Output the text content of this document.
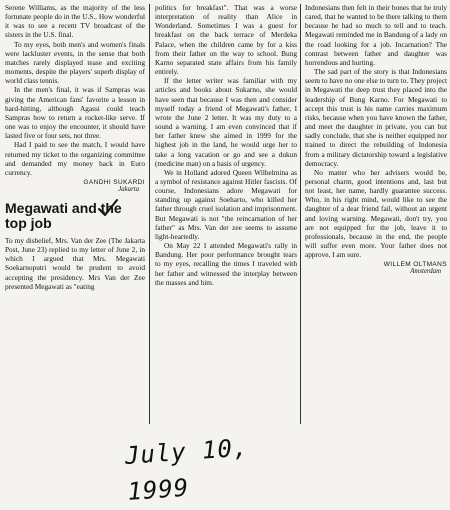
Serene Williams, as the majority of the less fortunate people do in the U.S.. How wonderful it was to see a recent TV broadcast of the sisters in the U.S. final.

To my eyes, both men's and women's finals were lackluster events, in the sense that both matches rarely displayed tease and exciting moments, despite the players' superb display of world class tennis.

In the men's final, it was if Sampras was giving the American fans' favorite a lesson in hard-hitting, although Agassi could teach Sampras how to return a rocket-like serve. If one was to enjoy the encounter, it should have lasted five or four sets, not three.

Had I paid to see the match, I would have returned my ticket to the organizing committee and demanded my money back in Euro currency.

GANDHI SUKARDI
Jakarta
Megawati and the top job

To my disbelief, Mrs. Van der Zee (The Jakarta Post, June 23) replied to my letter of June 2, in which I argued that Mrs. Megawati Soekarnoputri would be prudent to avoid accepting the presidency. Mrs Van der Zee presented Megawati as "eating

politics for breakfast". That was a worse interpretation of reality than Alice in Wonderland. Sometimes I was a guest for breakfast on the back terrace of Merdeka Palace, when the children came by for a kiss from their father on the way to school. Bung Karno separated state affairs from his family entirely.

If the letter writer was familiar with my articles and books about Sukarno, she would have seen that because I was then and consider myself today a friend of Megawati's father, I wrote the June 2 letter. It was my duty to a sound a warning. I am even convinced that if her father knew she aimed in 1999 for the highest job in the land, he would urge her to take a long vacation or go and see a dukun (medicine man) on a basis of urgency.

We in Holland adored Queen Wilhelmina as a symbol of resistance against Hitler fascists. Of course, Indonesians adore Megawati for standing up against Soeharto, who killed her father through cruel isolation and imprisonment. But Megawati is not "the reincarnation of her father" as Mrs. Van der zee seems to assume light-heartedly.

On May 22 I attended Megawati's rally in Bandung. Her poor performance brought tears to my eyes, recalling the times I traveled with her father and witnessed the interplay between the masses and him.

Indonesians then felt in their bones that he truly cared, that he wanted to be there talking to them because he had so much to tell and to teach. Megawati reminded me in Bandung of a lady on the road looking for a job. Incarnation? The contrast between father and daughter was horrendous and hurting.

The sad part of the story is that Indonesians seem to have no one else to turn to. They project in Megawati the deep trust they placed into the leadership of Bung Karno. For Megawati to accept this trust is his name carries maximum risks, because when you have known the father, and meet the daughter in private, you can but sadly conclude, that she is neither equipped nor trained to direct the rebuilding of Indonesia from a military dictatorship toward a legislative democracy.

No matter who her advisers would be, personal charm, good intentions and, last but not least, her name, hardly guarantee success. Who, in his right mind, would like to see the daughter of a dear friend fail, without an urgent and loving warning. Megawati, don't try, you are not equipped for the job, leave it to professionals, because in the end, the people will suffer even more. Your father does not approve, I am sure.

WILLEM OLTMANS
Amsterdam
July 10, 1999
